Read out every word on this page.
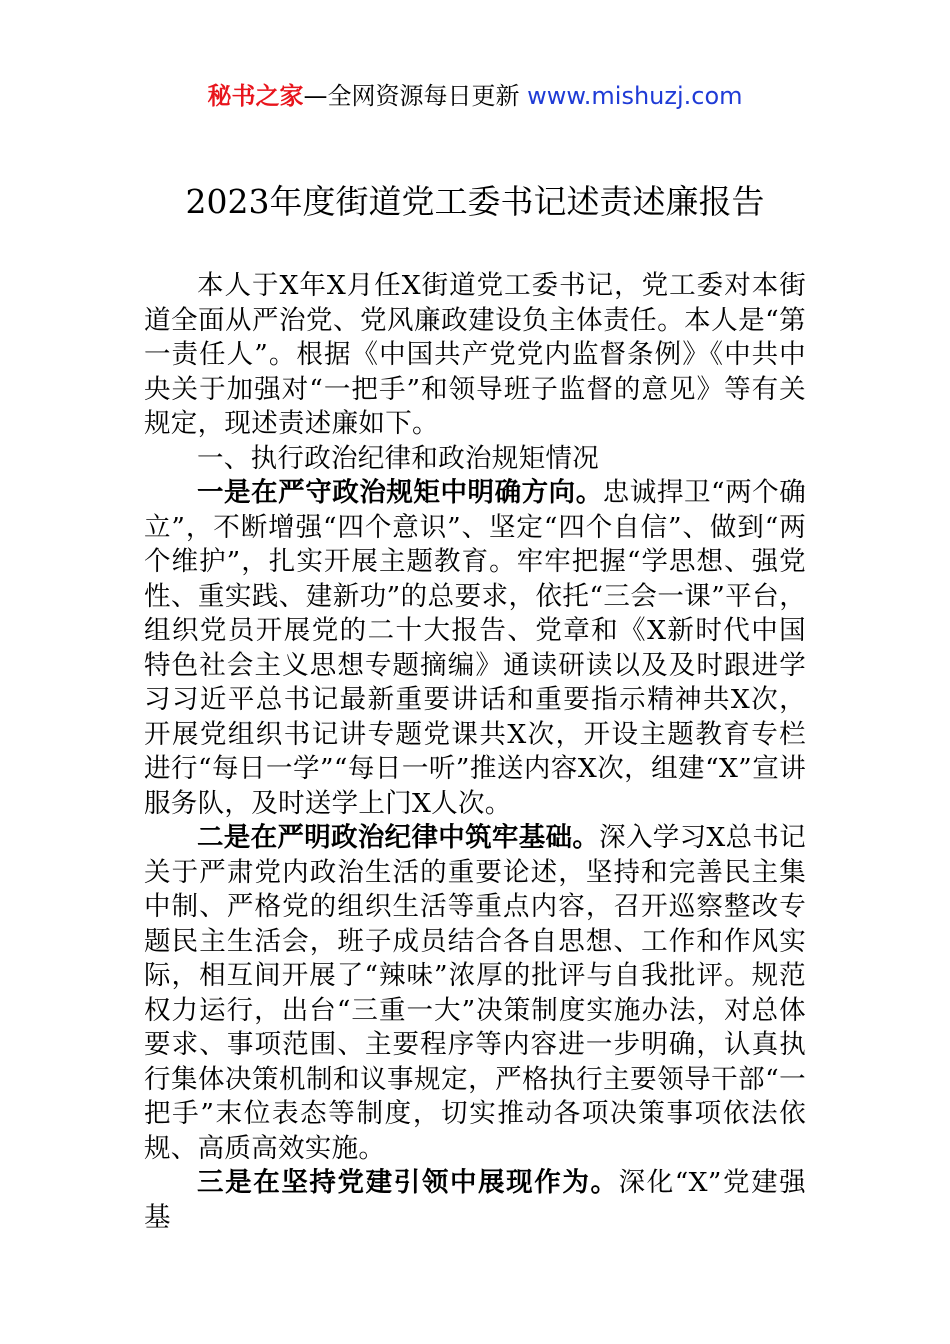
秘书之家—全网资源每日更新 www.mishuzj.com
2023年度街道党工委书记述责述廉报告

本人于X年X月任X街道党工委书记，党工委对本街道全面从严治党、党风廉政建设负主体责任。本人是“第一责任人”。根据《中国共产党党内监督条例》《中共中央关于加强对“一把手”和领导班子监督的意见》等有关规定，现述责述廉如下。

一、执行政治纪律和政治规矩情况

一是在严守政治规矩中明确方向。忠诚捍卫“两个确立”，不断增强“四个意识”、坚定“四个自信”、做到“两个维护”，扎实开展主题教育。牢牢把握“学思想、强党性、重实践、建新功”的总要求，依托“三会一课”平台，组织党员开展党的二十大报告、党章和《X新时代中国特色社会主义思想专题摘编》通读研读以及及时跟进学习习近平总书记最新重要讲话和重要指示精神共X次，开展党组织书记讲专题党课共X次，开设主题教育专栏进行“每日一学”“每日一听”推送内容X次，组建“X”宣讲服务队，及时送学上门X人次。

二是在严明政治纪律中筑牢基础。深入学习X总书记关于严肃党内政治生活的重要论述，坚持和完善民主集中制、严格党的组织生活等重点内容，召开巡察整改专题民主生活会，班子成员结合各自思想、工作和作风实际，相互间开展了“辣味”浓厚的批评与自我批评。规范权力运行，出台“三重一大”决策制度实施办法，对总体要求、事项范围、主要程序等内容进一步明确，认真执行集体决策机制和议事规定，严格执行主要领导干部“一把手”末位表态等制度，切实推动各项决策事项依法依规、高质高效实施。

三是在坚持党建引领中展现作为。深化“X”党建强基
